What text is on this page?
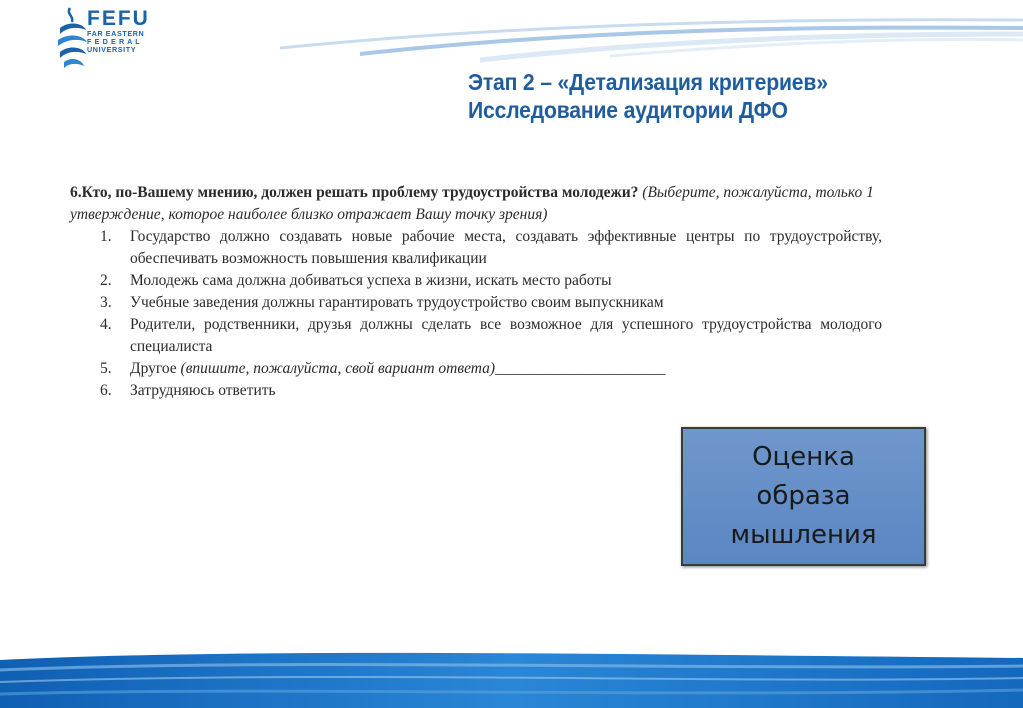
FEFU
FAR EASTERN
F E D E R A L
UNIVERSITY
Этап 2 – «Детализация критериев»
Исследование аудитории ДФО
6.Кто, по-Вашему мнению, должен решать проблему трудоустройства молодежи? (Выберите, пожалуйста, только 1 утверждение, которое наиболее близко отражает Вашу точку зрения)
1.	Государство должно создавать новые рабочие места, создавать эффективные центры по трудоустройству, обеспечивать возможность повышения квалификации
2.	Молодежь сама должна добиваться успеха в жизни, искать место работы
3.	Учебные заведения должны гарантировать трудоустройство своим выпускникам
4.	Родители, родственники, друзья должны сделать все возможное для успешного трудоустройства молодого специалиста
5.	Другое (впишите, пожалуйста, свой вариант ответа)______________________
6.	Затрудняюсь ответить
Оценка
образа
мышления
